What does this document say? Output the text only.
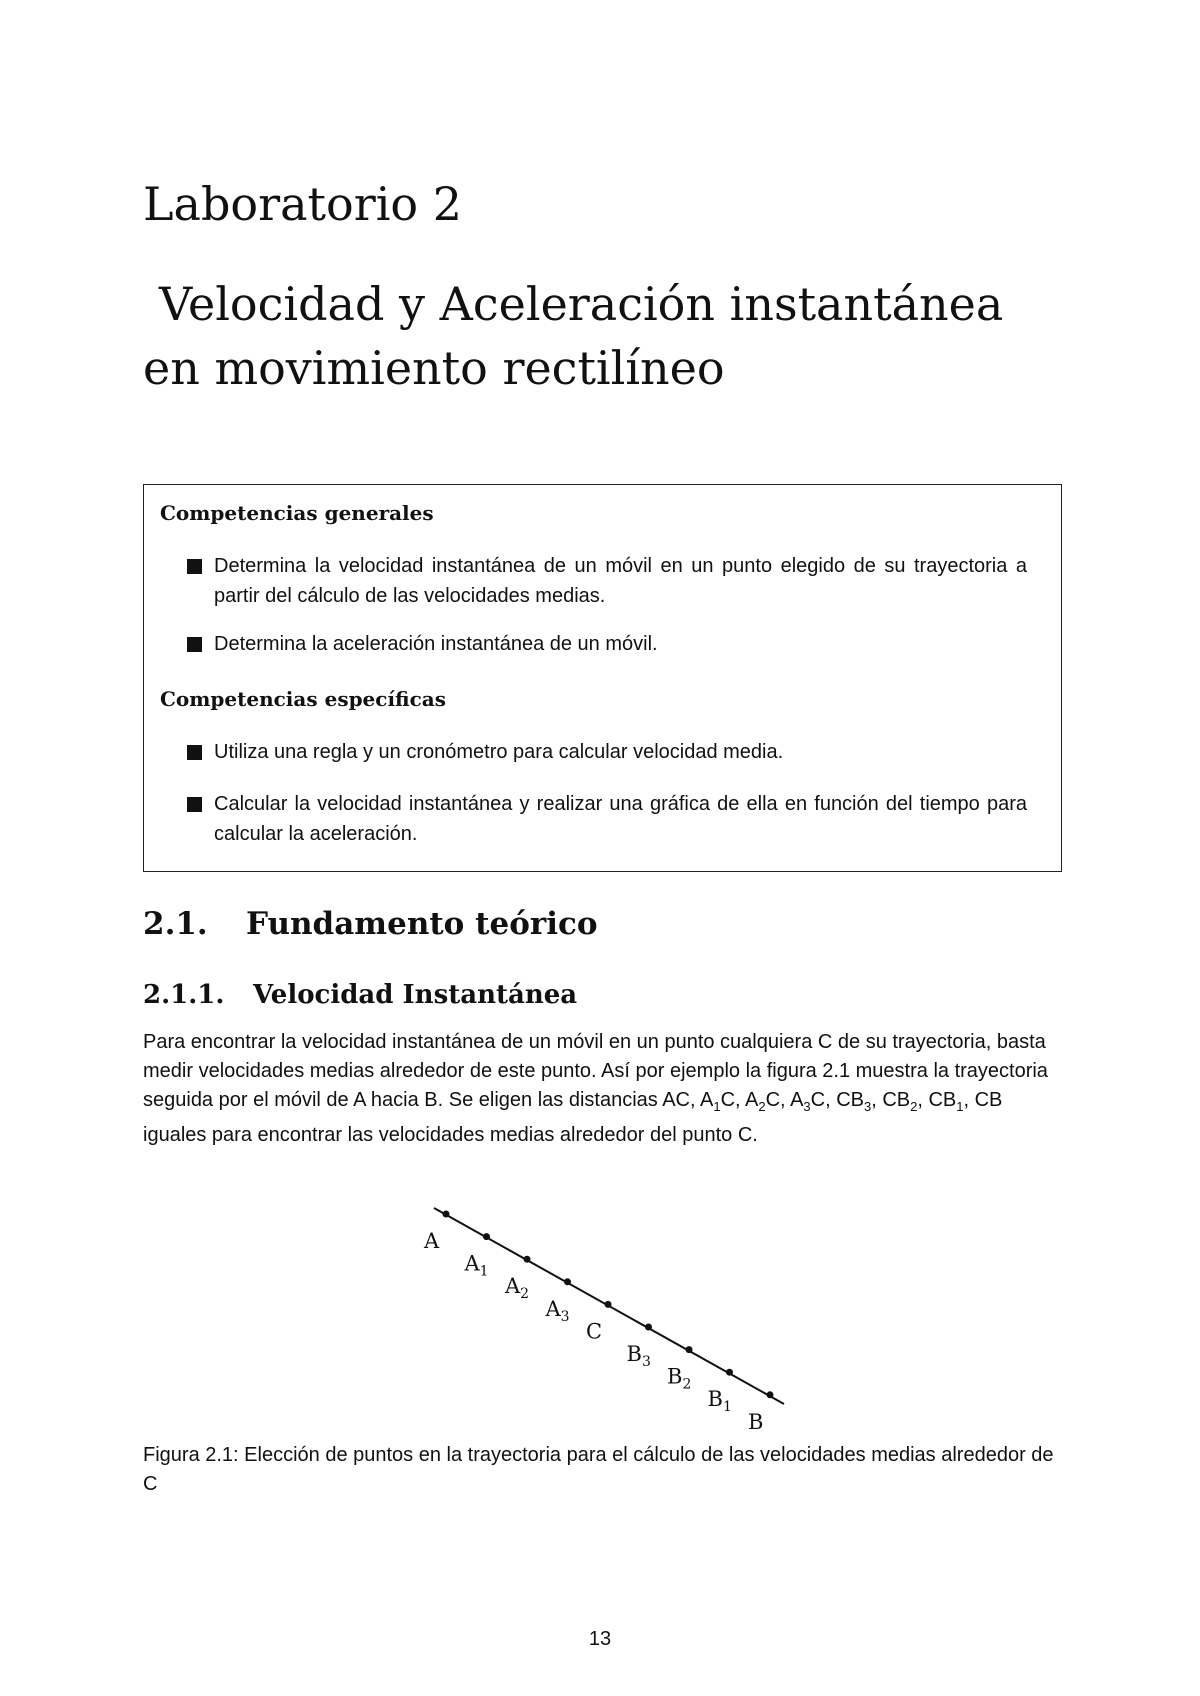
Laboratorio 2
Velocidad y Aceleración instantánea
en movimiento rectilíneo
Competencias generales
Determina la velocidad instantánea de un móvil en un punto elegido de su trayectoria a partir del cálculo de las velocidades medias.
Determina la aceleración instantánea de un móvil.
Competencias específicas
Utiliza una regla y un cronómetro para calcular velocidad media.
Calcular la velocidad instantánea y realizar una gráfica de ella en función del tiempo para calcular la aceleración.
2.1. Fundamento teórico
2.1.1. Velocidad Instantánea

Para encontrar la velocidad instantánea de un móvil en un punto cualquiera C de su trayectoria, basta medir velocidades medias alrededor de este punto. Así por ejemplo la figura 2.1 muestra la trayectoria seguida por el móvil de A hacia B. Se eligen las distancias AC, $A_1C$, $A_2C$, $A_3C$, $CB_3$, $CB_2$, $CB_1$, CB iguales para encontrar las velocidades medias alrededor del punto C.

A
$A_1$
$A_2$
$A_3$
C
$B_3$
$B_2$
$B_1$
B

Figura 2.1: Elección de puntos en la trayectoria para el cálculo de las velocidades medias alrededor de C

13
